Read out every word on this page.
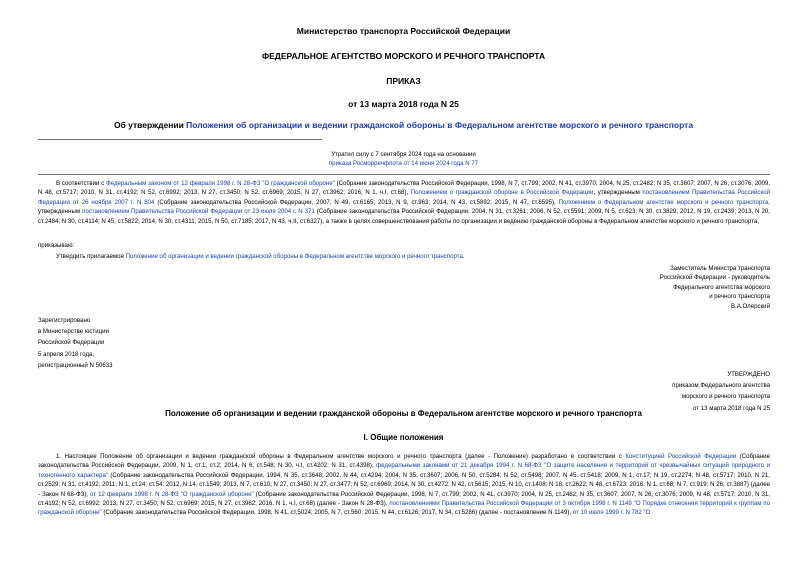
Министерство транспорта Российской Федерации
ФЕДЕРАЛЬНОЕ АГЕНТСТВО МОРСКОГО И РЕЧНОГО ТРАНСПОРТА
ПРИКАЗ
от 13 марта 2018 года N 25
Об утверждении Положения об организации и ведении гражданской обороны в Федеральном агентстве морского и речного транспорта
Утратил силу с 7 сентября 2024 года на основании
приказа Росморречфлота от 14 июня 2024 года N 77
В соответствии с Федеральным законом от 12 февраля 1998 г. N 28-ФЗ "О гражданской обороне" (Собрание законодательства Российской Федерации, 1998, N 7, ст.799; 2002, N 41, ст.3970; 2004, N 25, ст.2482; N 35, ст.3607; 2007, N 26, ст.3076; 2009, N 48, ст.5717; 2010, N 31, ст.4192; N 52, ст.6992; 2013, N 27, ст.3450; N 52, ст.6969; 2015, N 27, ст.3962; 2016, N 1, ч.I, ст.68), Положением о гражданской обороне в Российской Федерации, утвержденным постановлением Правительства Российской Федерации от 26 ноября 2007 г. N 804 (Собрание законодательства Российской Федерации, 2007, N 49, ст.6165; 2013, N 9, ст.963; 2014, N 43, ст.5892; 2015, N 47, ст.6595), Положением о Федеральном агентстве морского и речного транспорта, утвержденным постановлением Правительства Российской Федерации от 23 июля 2004 г. N 371 (Собрание законодательства Российской Федерации, 2004, N 31, ст.3261; 2006, N 52, ст.5591; 2009, N 5, ст.623; N 30, ст.3829; 2012, N 19, ст.2439; 2013, N 20, ст.2484; N 30, ст.4114; N 45, ст.5822; 2014, N 30, ст.4311; 2015, N 50, ст.7185; 2017, N 43, ч.II, ст.6327), а также в целях совершенствования работы по организации и ведению гражданской обороны в Федеральном агентстве морского и речного транспорта,
приказываю:
Утвердить прилагаемое Положение об организации и ведении гражданской обороны в Федеральном агентстве морского и речного транспорта.

Заместитель Министра транспорта

Российской Федерации - руководитель

Федерального агентства морского

и речного транспорта

В.А.Олерский

Зарегистрировано

в Министерстве юстиции

Российской Федерации

5 апреля 2018 года,

регистрационный N 50633

УТВЕРЖДЕНО

приказом Федерального агентства

морского и речного транспорта

от 13 марта 2018 года N 25

Положение об организации и ведении гражданской обороны в Федеральном агентстве морского и речного транспорта
I. Общие положения
1. Настоящее Положение об организации и ведении гражданской обороны в Федеральном агентстве морского и речного транспорта (далее - Положение) разработано в соответствии с Конституцией Российской Федерации (Собрание законодательства Российской Федерации, 2009, N 1, ст.1, ст.2; 2014, N 6, ст.548; N 30, ч.I, ст.4202; N 31, ст.4398), федеральными законами от 21 декабря 1994 г. N 68-ФЗ "О защите населения и территорий от чрезвычайных ситуаций природного и техногенного характера" (Собрание законодательства Российской Федерации, 1994, N 35, ст.3648; 2002, N 44, ст.4294; 2004, N 35, ст.3607; 2006, N 50, ст.5284; N 52, ст.5498; 2007, N 45, ст.5418; 2009, N 1, ст.17; N 19, ст.2274; N 48, ст.5717; 2010, N 21, ст.2529; N 31, ст.4192; 2011, N 1, ст.24; ст.54; 2012, N 14, ст.1549; 2013, N 7, ст.610; N 27, ст.3450; N 27, ст.3477; N 52, ст.6969; 2014, N 30, ст.4272; N 42, ст.5615; 2015, N 10, ст.1408; N 18, ст.2622; N 48, ст.6723; 2016, N 1, ст.68; N 7, ст.919; N 26, ст.3887) (далее - Закон N 68-ФЗ), от 12 февраля 1998 г. N 28-ФЗ "О гражданской обороне" (Собрание законодательства Российской Федерации, 1998, N 7, ст.799; 2002, N 41, ст.3970; 2004, N 25, ст.2482; N 35, ст.3607; 2007, N 26, ст.3076; 2009, N 48, ст.5717; 2010, N 31, ст.4192; N 52, ст.6992; 2013, N 27, ст.3450; N 52, ст.6969; 2015, N 27, ст.3962; 2016, N 1, ч.I, ст.68) (далее - Закон N 28-ФЗ), постановлениями Правительства Российской Федерации от 3 октября 1998 г. N 1149 "О Порядке отнесения территорий к группам по гражданской обороне" (Собрание законодательства Российской Федерации, 1998, N 41, ст.5024; 2005, N 7, ст.560; 2015, N 44, ст.6126; 2017, N 34, ст.5286) (далее - постановление N 1149), от 10 июля 1999 г. N 782 "О
